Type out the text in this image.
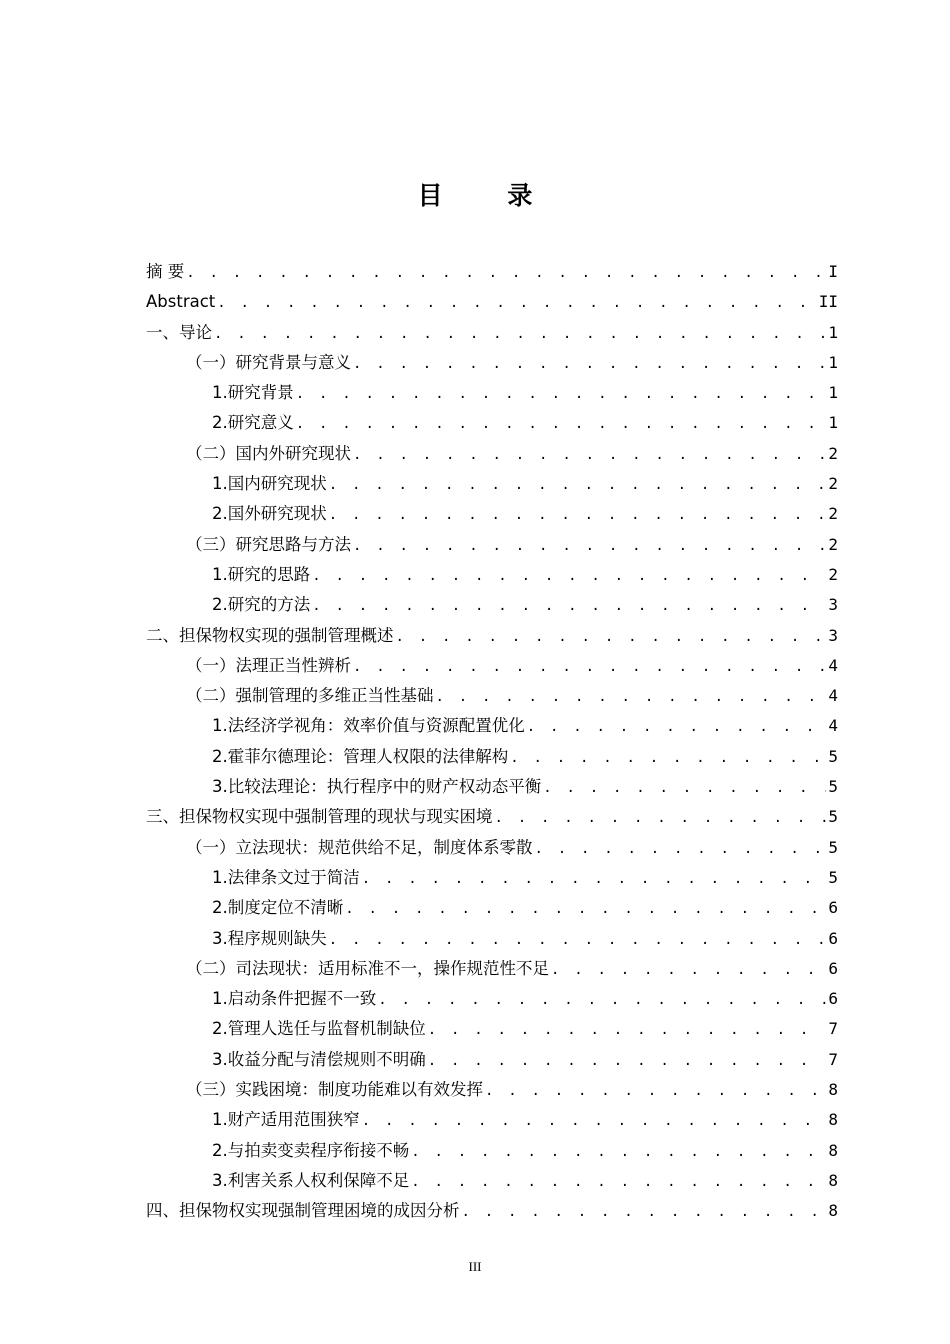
目 录
摘 要 . . .	I
Abstract . . .	II
一、导论 . . .	1
（一）研究背景与意义 . . .	1
1.研究背景 . . .	1
2.研究意义 . . .	1
（二）国内外研究现状 . . .	2
1.国内研究现状 . . .	2
2.国外研究现状 . . .	2
（三）研究思路与方法 . . .	2
1.研究的思路 . . .	2
2.研究的方法 . . .	3
二、担保物权实现的强制管理概述 . . .	3
（一）法理正当性辨析 . . .	4
（二）强制管理的多维正当性基础 . . .	4
1.法经济学视角：效率价值与资源配置优化 . . .	4
2.霍菲尔德理论：管理人权限的法律解构 . . .	5
3.比较法理论：执行程序中的财产权动态平衡 . . .	5
三、担保物权实现中强制管理的现状与现实困境 . . .	5
（一）立法现状：规范供给不足，制度体系零散 . . .	5
1.法律条文过于简洁 . . .	5
2.制度定位不清晰 . . .	6
3.程序规则缺失 . . .	6
（二）司法现状：适用标准不一，操作规范性不足 . . .	6
1.启动条件把握不一致 . . .	6
2.管理人选任与监督机制缺位 . . .	7
3.收益分配与清偿规则不明确 . . .	7
（三）实践困境：制度功能难以有效发挥 . . .	8
1.财产适用范围狭窄 . . .	8
2.与拍卖变卖程序衔接不畅 . . .	8
3.利害关系人权利保障不足 . . .	8
四、担保物权实现强制管理困境的成因分析 . . .	8
III
